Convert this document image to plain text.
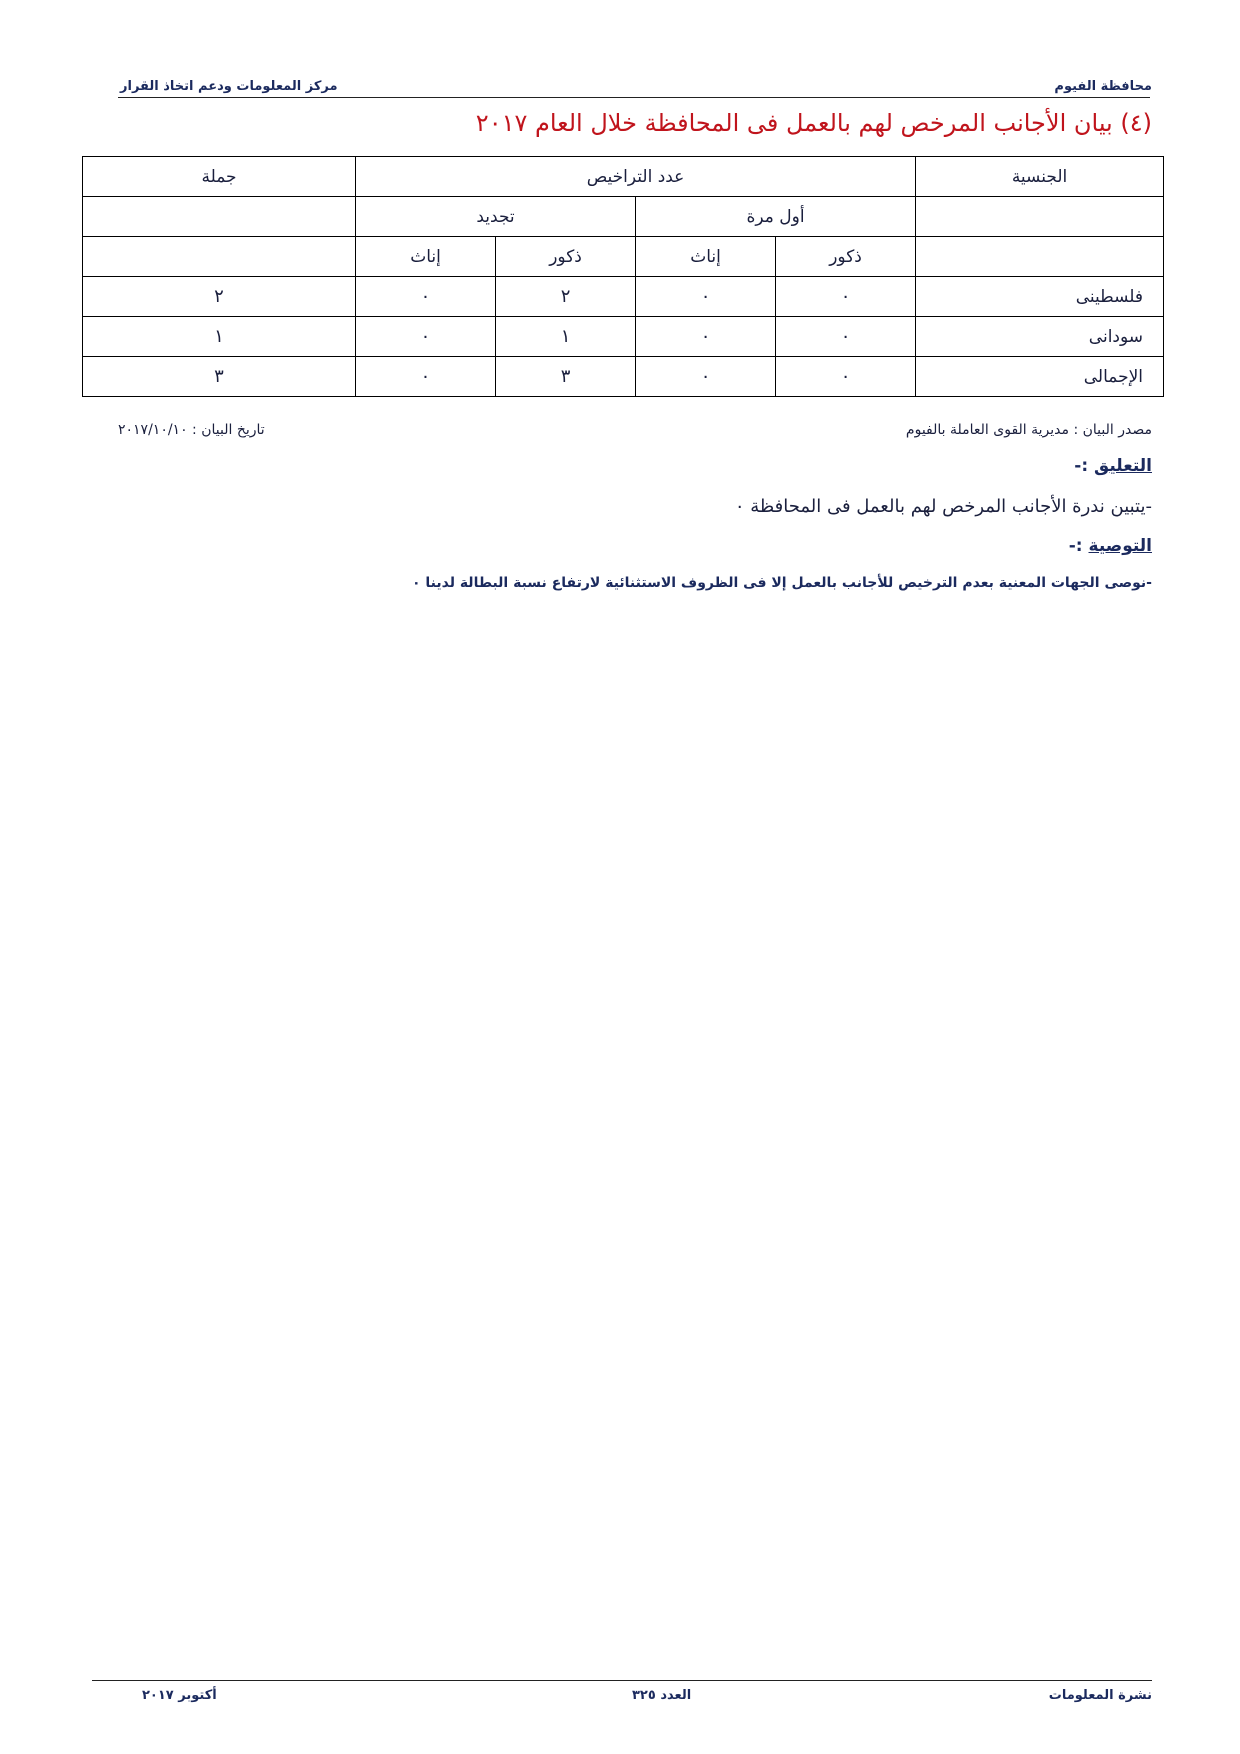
محافظة الفيوم
مركز المعلومات ودعم اتخاذ القرار
(٤) بيان الأجانب المرخص لهم بالعمل فى المحافظة خلال العام ٢٠١٧
الجنسية	عدد التراخيص				جملة
	أول مرة		تجديد		
	ذكور	إناث	ذكور	إناث	
فلسطينى	٠	٠	٢	٠	٢
سودانى	٠	٠	١	٠	١
الإجمالى	٠	٠	٣	٠	٣
مصدر البيان : مديرية القوى العاملة بالفيوم
تاريخ البيان : ٢٠١٧/١٠/١٠
التعليق :-
-يتبين ندرة الأجانب المرخص لهم بالعمل فى المحافظة ٠
التوصية :-
-نوصى الجهات المعنية بعدم الترخيص للأجانب بالعمل إلا فى الظروف الاستثنائية لارتفاع نسبة البطالة لدينا ٠
نشرة المعلومات
العدد ٣٢٥
أكتوبر ٢٠١٧
